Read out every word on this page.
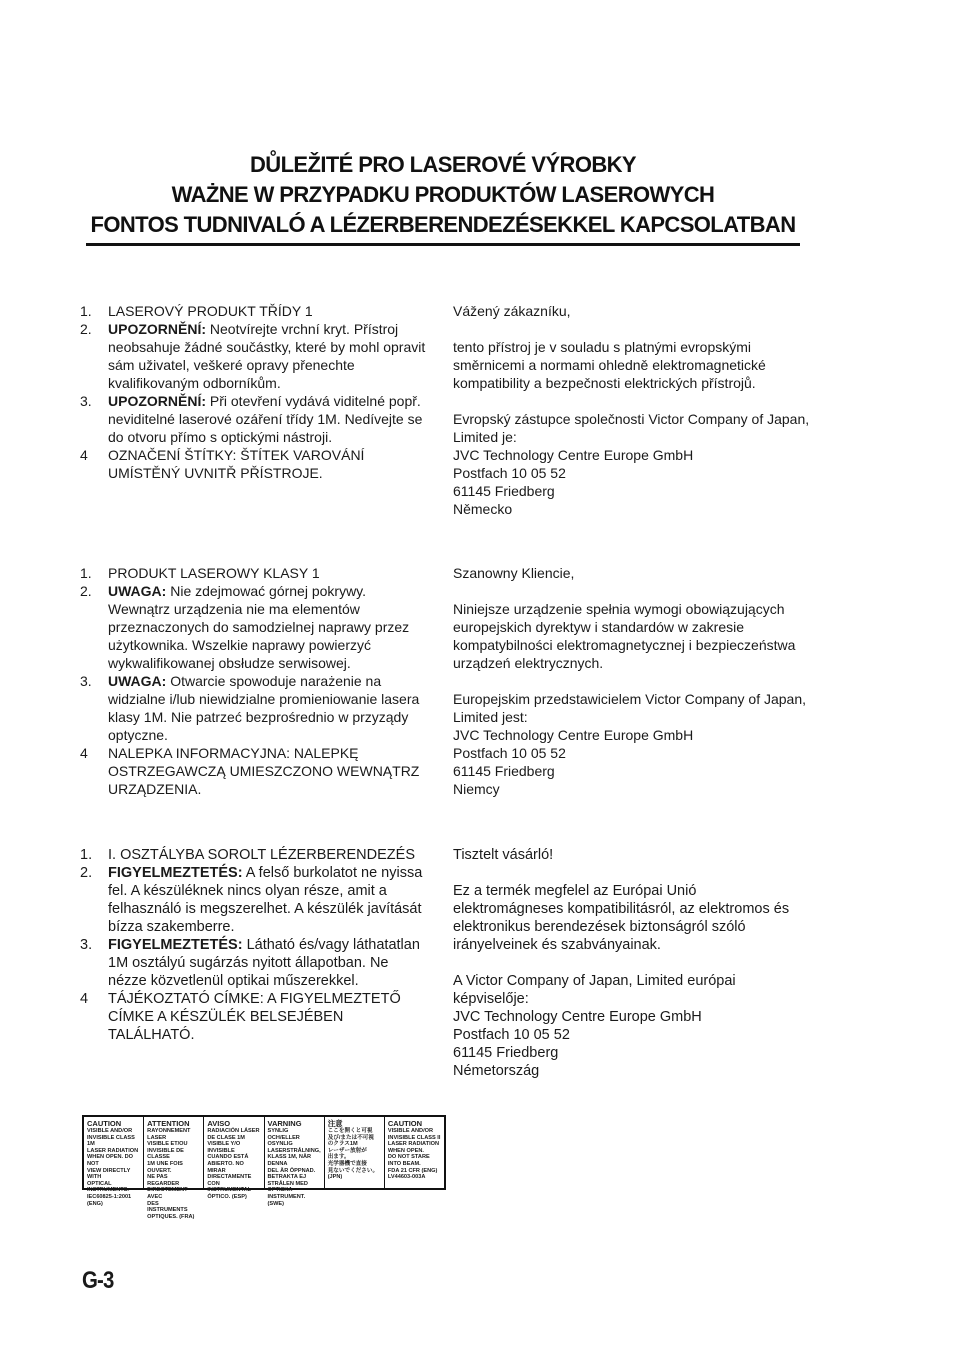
DŮLEŽITÉ PRO LASEROVÉ VÝROBKY
WAŻNE W PRZYPADKU PRODUKTÓW LASEROWYCH
FONTOS TUDNIVALÓ A LÉZERBERENDEZÉSEKKEL KAPCSOLATBAN
1. LASEROVÝ PRODUKT TŘÍDY 1
2. UPOZORNĚNÍ: Neotvírejte vrchní kryt. Přístroj neobsahuje žádné součástky, které by mohl opravit sám uživatel, veškeré opravy přenechte kvalifikovaným odborníkům.
3. UPOZORNĚNÍ: Při otevření vydává viditelné popř. neviditelné laserové ozáření třídy 1M. Nedívejte se do otvoru přímo s optickými nástroji.
4 OZNAČENÍ ŠTÍTKY: ŠTÍTEK VAROVÁNÍ UMÍSTĚNÝ UVNITŘ PŘÍSTROJE.

Vážený zákazníku,

tento přístroj je v souladu s platnými evropskými směrnicemi a normami ohledně elektromagnetické kompatibility a bezpečnosti elektrických přístrojů.

Evropský zástupce společnosti Victor Company of Japan, Limited je:

JVC Technology Centre Europe GmbH

Postfach 10 05 52

61145 Friedberg

Německo

1. PRODUKT LASEROWY KLASY 1
2. UWAGA: Nie zdejmować górnej pokrywy. Wewnątrz urządzenia nie ma elementów przeznaczonych do samodzielnej naprawy przez użytkownika. Wszelkie naprawy powierzyć wykwalifikowanej obsłudze serwisowej.
3. UWAGA: Otwarcie spowoduje narażenie na widzialne i/lub niewidzialne promieniowanie lasera klasy 1M. Nie patrzeć bezprośrednio w przyządy optyczne.
4 NALEPKA INFORMACYJNA: NALEPKĘ OSTRZEGAWCZĄ UMIESZCZONO WEWNĄTRZ URZĄDZENIA.

Szanowny Kliencie,

Niniejsze urządzenie spełnia wymogi obowiązujących europejskich dyrektyw i standardów w zakresie kompatybilności elektromagnetycznej i bezpieczeństwa urządzeń elektrycznych.

Europejskim przedstawicielem Victor Company of Japan, Limited jest:

JVC Technology Centre Europe GmbH

Postfach 10 05 52

61145 Friedberg

Niemcy

1. I. OSZTÁLYBA SOROLT LÉZERBERENDEZÉS
2. FIGYELMEZTETÉS: A felső burkolatot ne nyissa fel. A készüléknek nincs olyan része, amit a felhasználó is megszerelhet. A készülék javítását bízza szakemberre.
3. FIGYELMEZTETÉS: Látható és/vagy láthatatlan 1M osztályú sugárzás nyitott állapotban. Ne nézze közvetlenül optikai műszerekkel.
4 TÁJÉKOZTATÓ CÍMKE: A FIGYELMEZTETŐ CÍMKE A KÉSZÜLÉK BELSEJÉBEN TALÁLHATÓ.

Tisztelt vásárló!

Ez a termék megfelel az Európai Unió elektromágneses kompatibilitásról, az elektromos és elektronikus berendezések biztonságról szóló irányelveinek és szabványainak.

A Victor Company of Japan, Limited európai képviselője:

JVC Technology Centre Europe GmbH

Postfach 10 05 52

61145 Friedberg

Németország

CAUTION
VISIBLE AND/OR
INVISIBLE CLASS 1M
LASER RADIATION
WHEN OPEN. DO NOT
VIEW DIRECTLY WITH
OPTICAL INSTRUMENTS.
IEC60825-1:2001 (ENG)
ATTENTION
RAYONNEMENT LASER
VISIBLE ET/OU
INVISIBLE DE CLASSE
1M UNE FOIS OUVERT.
NE PAS REGARDER
DIRECTEMENT AVEC
DES INSTRUMENTS
OPTIQUES. (FRA)
AVISO
RADIACIÓN LÁSER
DE CLASE 1M
VISIBLE Y/O INVISIBLE
CUANDO ESTÁ
ABIERTO. NO MIRAR
DIRECTAMENTE
CON INSTRUMENTAL
ÓPTICO. (ESP)
VARNING
SYNLIG OCH/ELLER
OSYNLIG
LASERSTRÅLNING,
KLASS 1M, NÄR DENNA
DEL ÄR ÖPPNAD.
BETRAKTA EJ
STRÅLEN MED OPTISKA
INSTRUMENT. (SWE)
注意
ここを開くと可視
及び/または不可視
のクラス1M
レーザー放射が
出ます。
光学器機で直接
見ないでください。
(JPN)
CAUTION
VISIBLE AND/OR
INVISIBLE CLASS II
LASER RADIATION
WHEN OPEN.
DO NOT STARE
INTO BEAM.
FDA 21 CFR (ENG)
LV44603-003A
G-3
